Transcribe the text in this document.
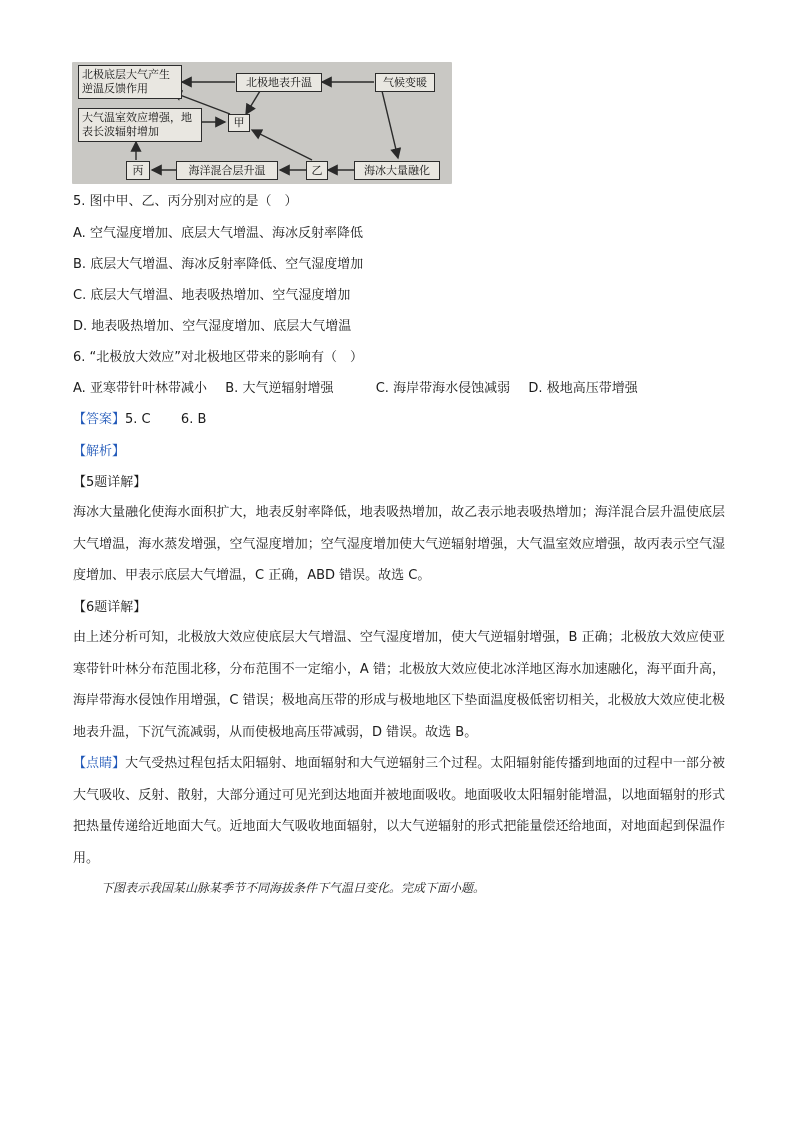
北极底层大气产生逆温反馈作用	北极地表升温	气候变暖
大气温室效应增强，地表长波辐射增加
甲
丙	海洋混合层升温	乙	海冰大量融化
5. 图中甲、乙、丙分别对应的是（　）
A. 空气湿度增加、底层大气增温、海冰反射率降低
B. 底层大气增温、海冰反射率降低、空气湿度增加
C. 底层大气增温、地表吸热增加、空气湿度增加
D. 地表吸热增加、空气湿度增加、底层大气增温
6. “北极放大效应”对北极地区带来的影响有（　）
A. 亚寒带针叶林带减小 B. 大气逆辐射增强	C. 海岸带海水侵蚀减弱 D. 极地高压带增强
【答案】5. C 6. B
【解析】
【5题详解】
海冰大量融化使海水面积扩大，地表反射率降低，地表吸热增加，故乙表示地表吸热增加；海洋混合层升温使底层大气增温，海水蒸发增强，空气湿度增加；空气湿度增加使大气逆辐射增强，大气温室效应增强，故丙表示空气湿度增加、甲表示底层大气增温，C 正确，ABD 错误。故选 C。
【6题详解】
由上述分析可知，北极放大效应使底层大气增温、空气湿度增加，使大气逆辐射增强，B 正确；北极放大效应使亚寒带针叶林分布范围北移，分布范围不一定缩小，A 错；北极放大效应使北冰洋地区海水加速融化，海平面升高，海岸带海水侵蚀作用增强，C 错误；极地高压带的形成与极地地区下垫面温度极低密切相关，北极放大效应使北极地表升温，下沉气流减弱，从而使极地高压带减弱，D 错误。故选 B。
【点睛】大气受热过程包括太阳辐射、地面辐射和大气逆辐射三个过程。太阳辐射能传播到地面的过程中一部分被大气吸收、反射、散射，大部分通过可见光到达地面并被地面吸收。地面吸收太阳辐射能增温，以地面辐射的形式把热量传递给近地面大气。近地面大气吸收地面辐射，以大气逆辐射的形式把能量偿还给地面，对地面起到保温作用。
下图表示我国某山脉某季节不同海拔条件下气温日变化。完成下面小题。
